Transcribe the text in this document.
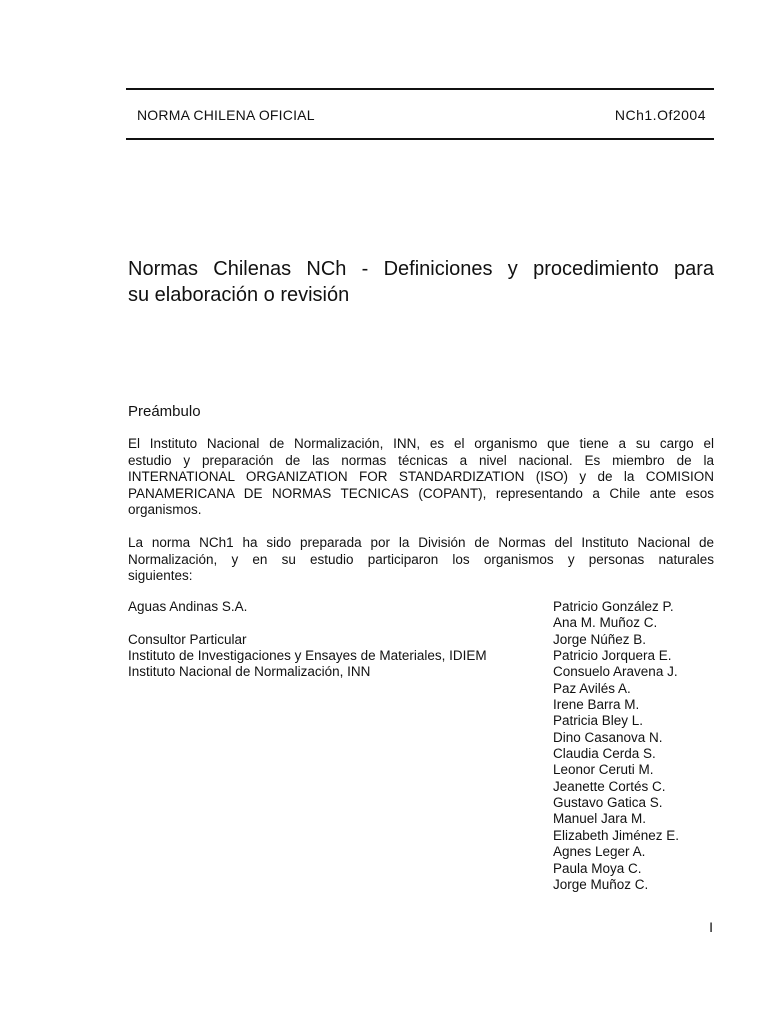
NORMA CHILENA OFICIAL	NCh1.Of2004
Normas Chilenas NCh - Definiciones y procedimiento para
su elaboración o revisión
Preámbulo
El Instituto Nacional de Normalización, INN, es el organismo que tiene a su cargo el
estudio y preparación de las normas técnicas a nivel nacional. Es miembro de la
INTERNATIONAL ORGANIZATION FOR STANDARDIZATION (ISO) y de la COMISION
PANAMERICANA DE NORMAS TECNICAS (COPANT), representando a Chile ante esos
organismos.
La norma NCh1 ha sido preparada por la División de Normas del Instituto Nacional de
Normalización, y en su estudio participaron los organismos y personas naturales
siguientes:
Aguas Andinas S.A.
Consultor Particular
Instituto de Investigaciones y Ensayes de Materiales, IDIEM
Instituto Nacional de Normalización, INN
Patricio González P.
Ana M. Muñoz C.
Jorge Núñez B.
Patricio Jorquera E.
Consuelo Aravena J.
Paz Avilés A.
Irene Barra M.
Patricia Bley L.
Dino Casanova N.
Claudia Cerda S.
Leonor Ceruti M.
Jeanette Cortés C.
Gustavo Gatica S.
Manuel Jara M.
Elizabeth Jiménez E.
Agnes Leger A.
Paula Moya C.
Jorge Muñoz C.
I
